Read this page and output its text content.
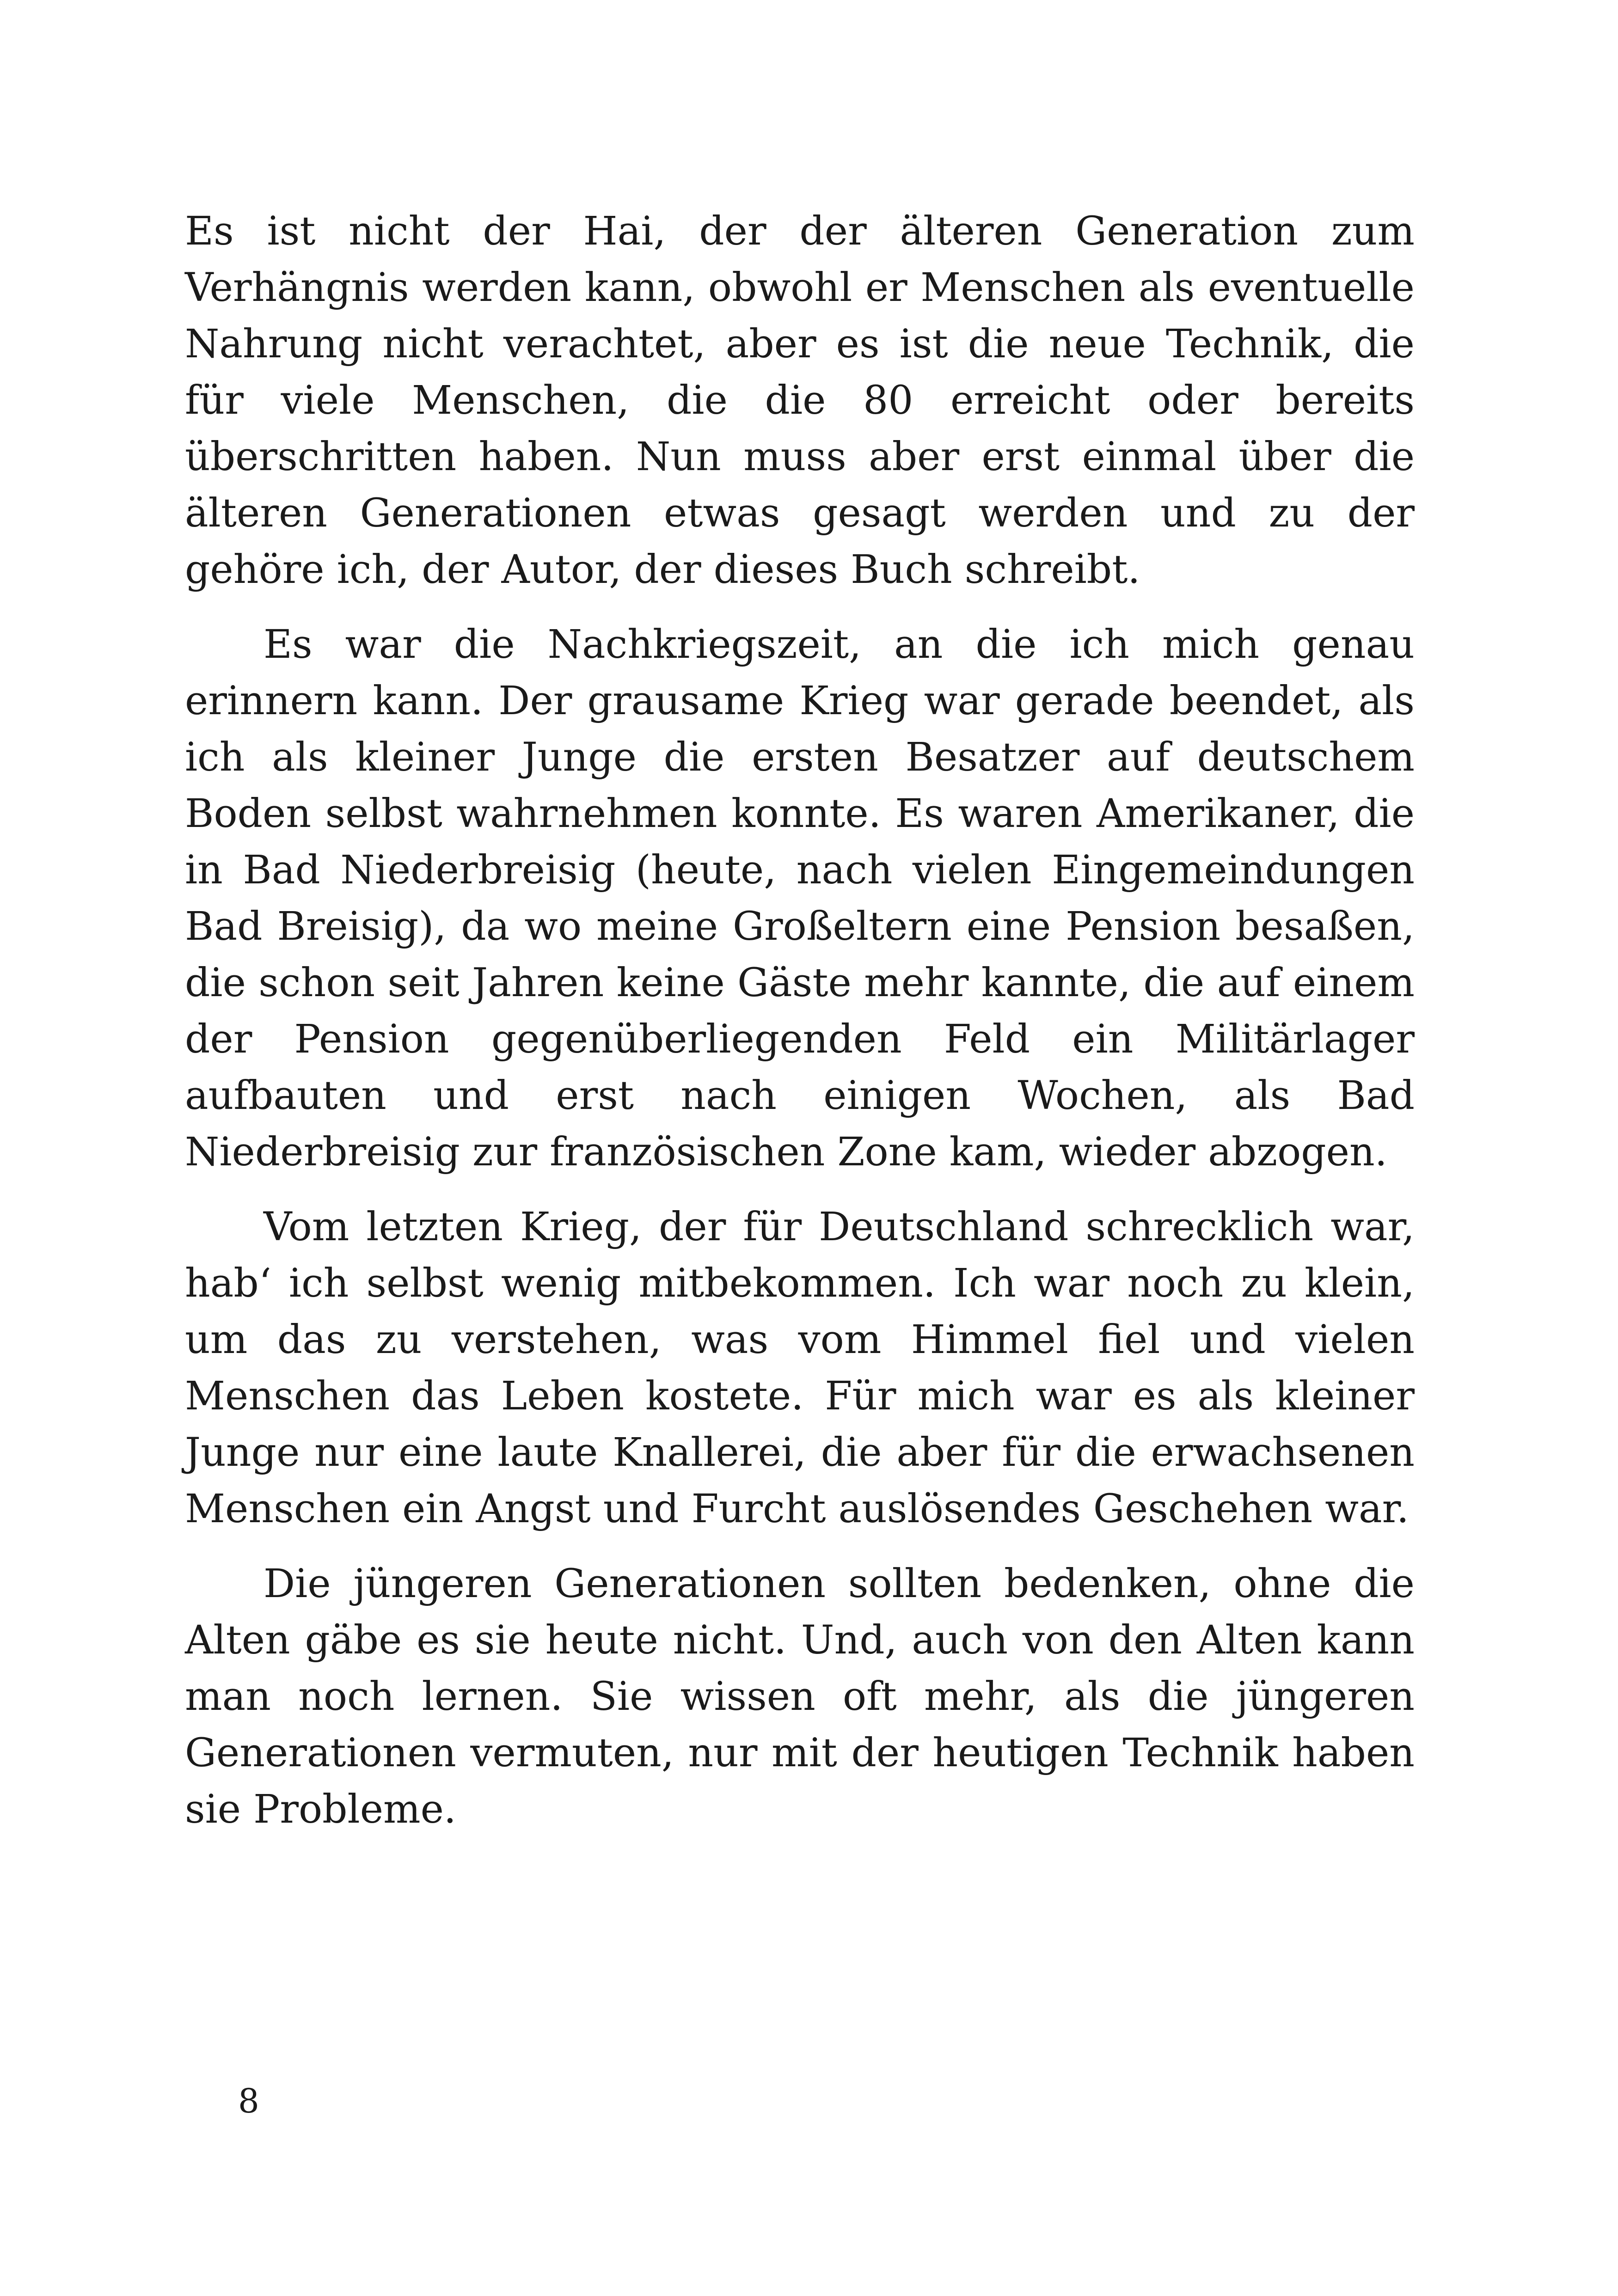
Es ist nicht der Hai, der der älteren Generation zum Verhängnis werden kann, obwohl er Menschen als eventuelle Nahrung nicht verachtet, aber es ist die neue Technik, die für viele Menschen, die die 80 erreicht oder bereits überschritten haben. Nun muss aber erst einmal über die älteren Generationen etwas gesagt werden und zu der gehöre ich, der Autor, der dieses Buch schreibt.

Es war die Nachkriegszeit, an die ich mich genau erinnern kann. Der grausame Krieg war gerade beendet, als ich als kleiner Junge die ersten Besatzer auf deutschem Boden selbst wahrnehmen konnte. Es waren Amerikaner, die in Bad Niederbreisig (heute, nach vielen Eingemeindungen Bad Breisig), da wo meine Großeltern eine Pension besaßen, die schon seit Jahren keine Gäste mehr kannte, die auf einem der Pension gegenüberliegenden Feld ein Militärlager aufbauten und erst nach einigen Wochen, als Bad Niederbreisig zur französischen Zone kam, wieder abzogen.

Vom letzten Krieg, der für Deutschland schrecklich war, hab‘ ich selbst wenig mitbekommen. Ich war noch zu klein, um das zu verstehen, was vom Himmel fiel und vielen Menschen das Leben kostete. Für mich war es als kleiner Junge nur eine laute Knallerei, die aber für die erwachsenen Menschen ein Angst und Furcht auslösendes Geschehen war.

Die jüngeren Generationen sollten bedenken, ohne die Alten gäbe es sie heute nicht. Und, auch von den Alten kann man noch lernen. Sie wissen oft mehr, als die jüngeren Generationen vermuten, nur mit der heutigen Technik haben sie Probleme.

8
